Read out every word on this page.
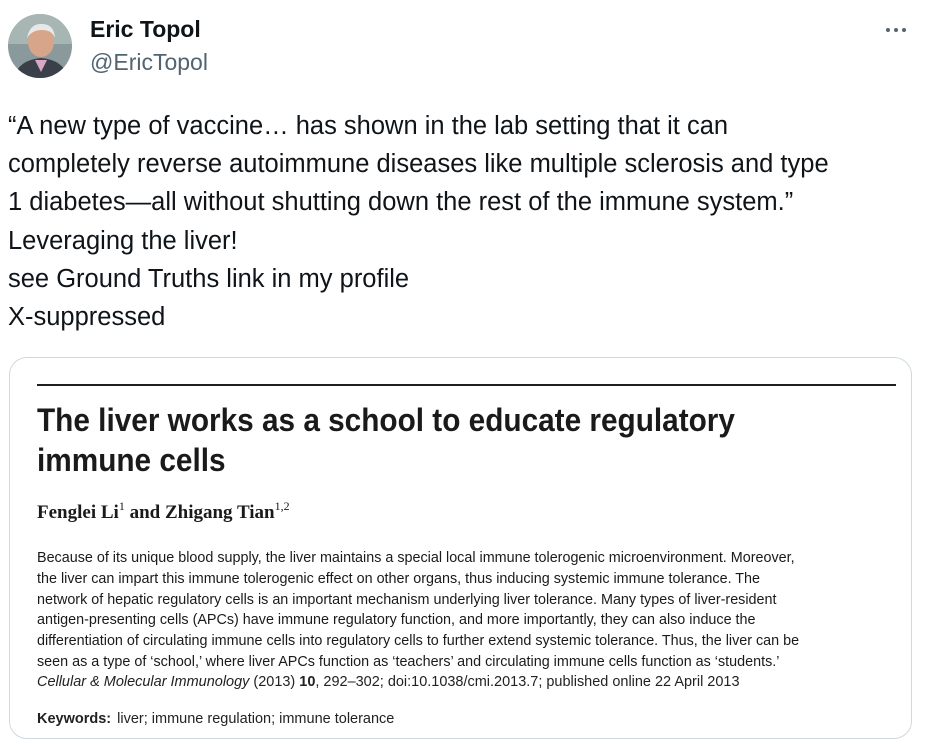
Eric Topol
@EricTopol
“A new type of vaccine… has shown in the lab setting that it can
completely reverse autoimmune diseases like multiple sclerosis and type
1 diabetes—all without shutting down the rest of the immune system.”
Leveraging the liver!
see Ground Truths link in my profile
X-suppressed
The liver works as a school to educate regulatory immune cells
Fenglei Li$^1$ and Zhigang Tian$^{1,2}$
Because of its unique blood supply, the liver maintains a special local immune tolerogenic microenvironment. Moreover,
the liver can impart this immune tolerogenic effect on other organs, thus inducing systemic immune tolerance. The
network of hepatic regulatory cells is an important mechanism underlying liver tolerance. Many types of liver-resident
antigen-presenting cells (APCs) have immune regulatory function, and more importantly, they can also induce the
differentiation of circulating immune cells into regulatory cells to further extend systemic tolerance. Thus, the liver can be
seen as a type of ‘school,’ where liver APCs function as ‘teachers’ and circulating immune cells function as ‘students.’
Cellular & Molecular Immunology (2013) 10, 292–302; doi:10.1038/cmi.2013.7; published online 22 April 2013
Keywords: liver; immune regulation; immune tolerance
